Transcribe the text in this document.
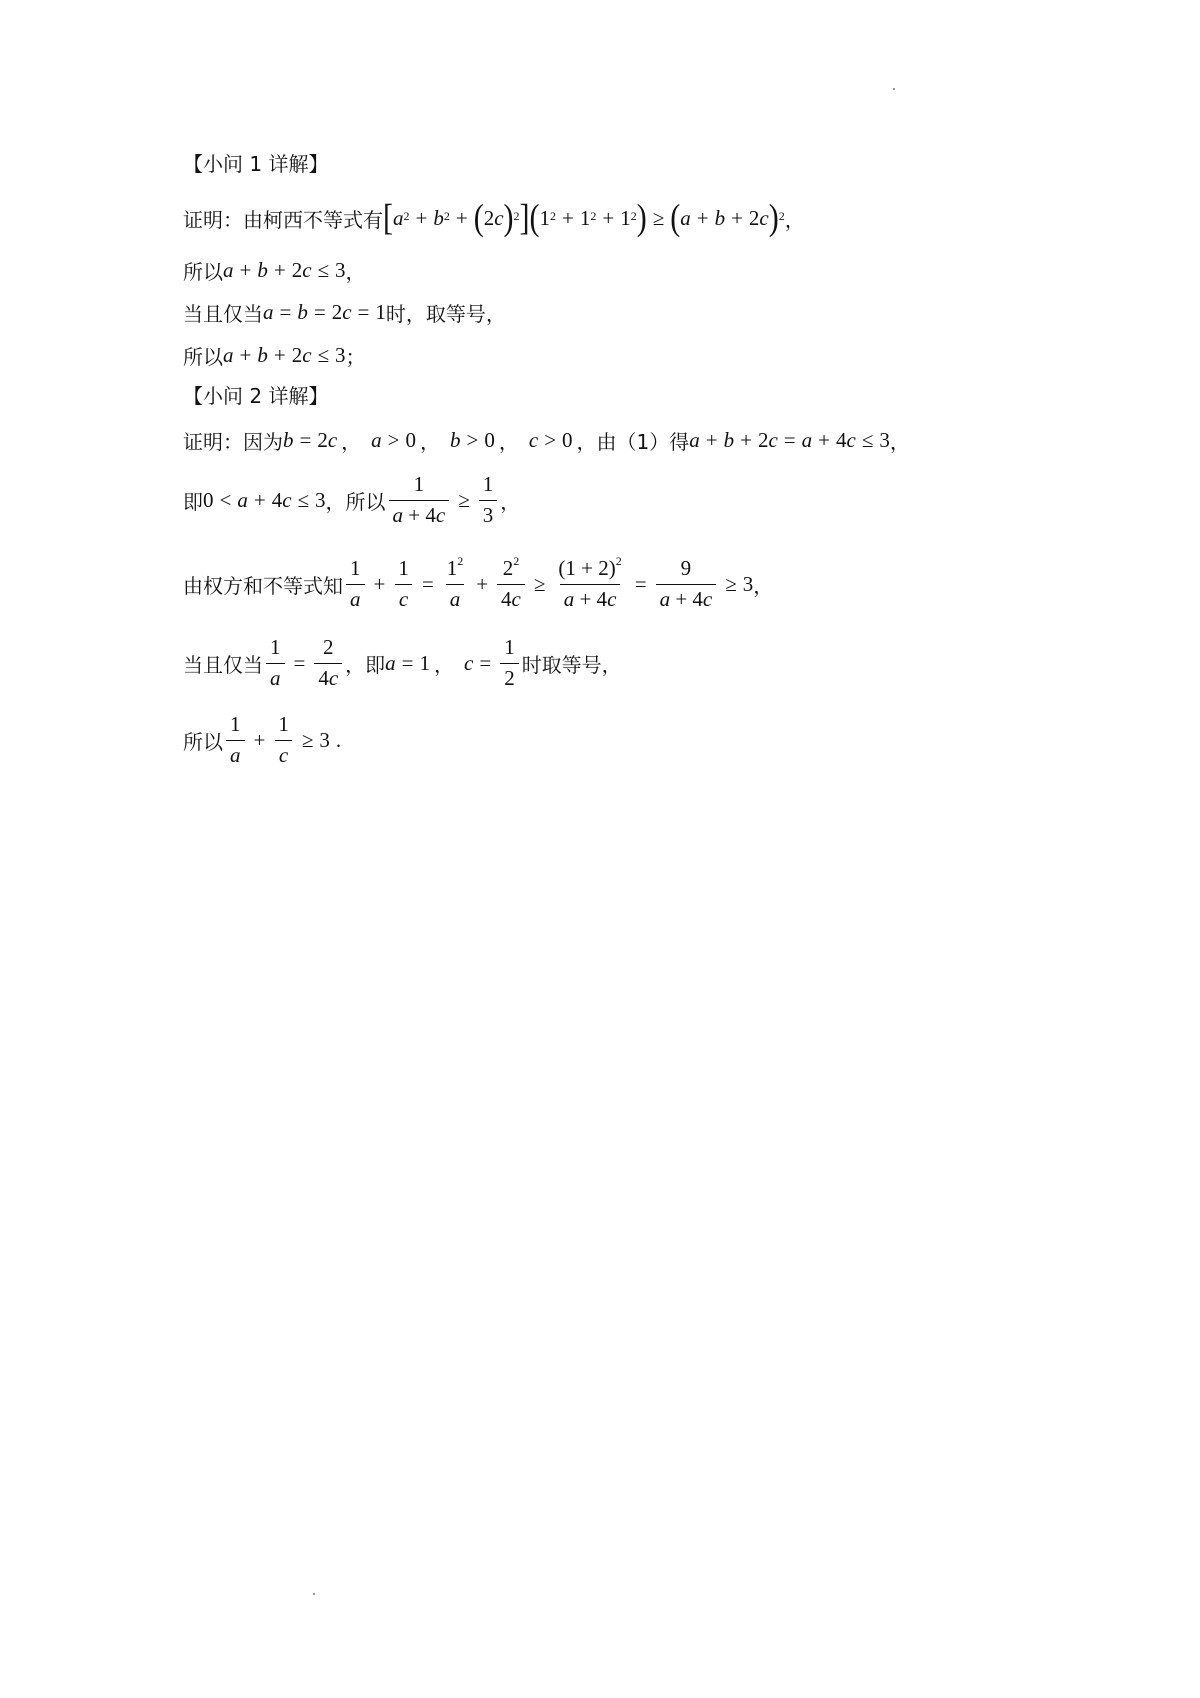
【小问 1 详解】
证明：由柯西不等式有 [ $a^2 + b^2$ + ( 2 c )$^2$ ] ( $1^2 + 1^2 + 1^2$ ) ≥ ( a + b + 2 c )$^2$ ，
所以 a + b + 2 c ≤ 3 ，
当且仅当 a = b = 2 c = 1 时，取等号，
所以 a + b + 2 c ≤ 3 ；
【小问 2 详解】
证明：因为 b = 2 c ， a > 0 ， b > 0 ， c > 0 ，由（1）得 a + b + 2 c = a + 4 c ≤ 3 ，
即 0 < a + 4 c ≤ 3 ，所以 $\frac{1}{a + 4c} \ge \frac{1}{3}$ ，
由权方和不等式知 $\frac{1}{a} + \frac{1}{c} = \frac{1^2}{a} + \frac{2^2}{4c} \ge \frac{(1 + 2)^2}{a + 4c} = \frac{9}{a + 4c} \ge 3$ ，
当且仅当 $\frac{1}{a} = \frac{2}{4c}$ ，即 a = 1 ， $c = \frac{1}{2}$ 时取等号，
所以 $\frac{1}{a} + \frac{1}{c} \ge 3$ .
